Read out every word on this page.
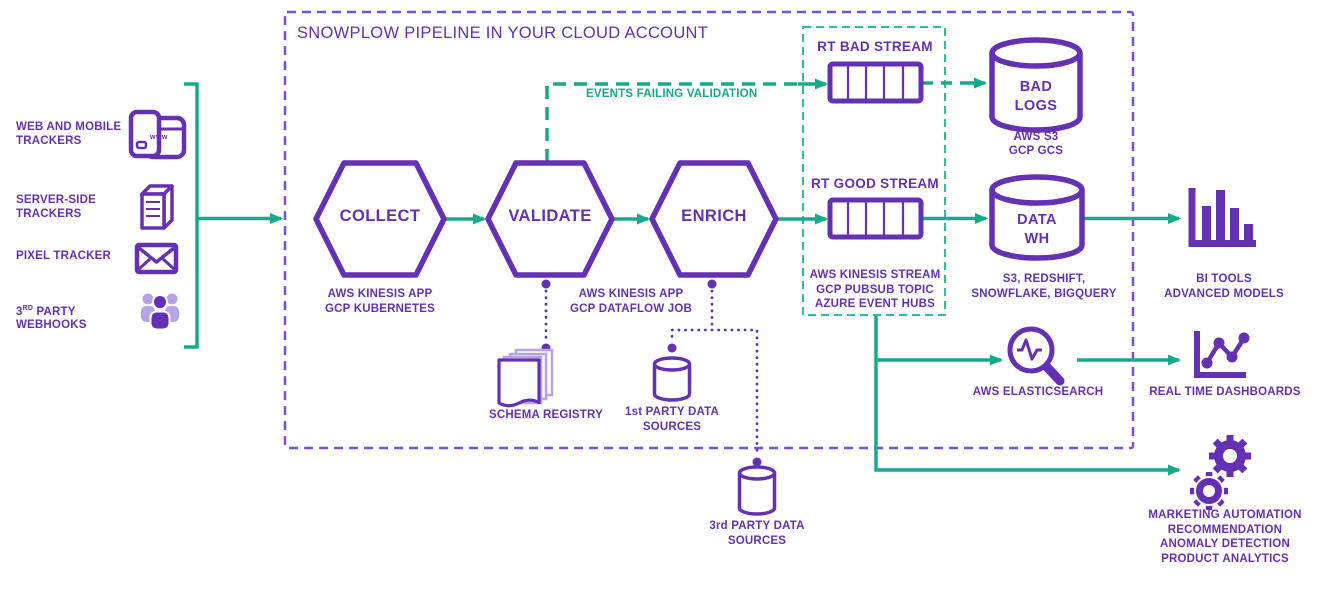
SNOWPLOW PIPELINE IN YOUR CLOUD ACCOUNT
WEB AND MOBILE
TRACKERS	www
SERVER-SIDE
TRACKERS
PIXEL TRACKER
3RD PARTY
WEBHOOKS
COLLECT	VALIDATE	ENRICH
AWS KINESIS APP
GCP KUBERNETES
AWS KINESIS APP
GCP DATAFLOW JOB
EVENTS FAILING VALIDATION
RT BAD STREAM
RT GOOD STREAM
AWS KINESIS STREAM
GCP PUBSUB TOPIC
AZURE EVENT HUBS
BAD
LOGS
AWS S3
GCP GCS
DATA
WH
S3, REDSHIFT,
SNOWFLAKE, BIGQUERY
SCHEMA REGISTRY 1st PARTY DATA
SOURCES
3rd PARTY DATA
SOURCES
AWS ELASTICSEARCH
BI TOOLS
ADVANCED MODELS
REAL TIME DASHBOARDS
MARKETING AUTOMATION
RECOMMENDATION
ANOMALY DETECTION
PRODUCT ANALYTICS
